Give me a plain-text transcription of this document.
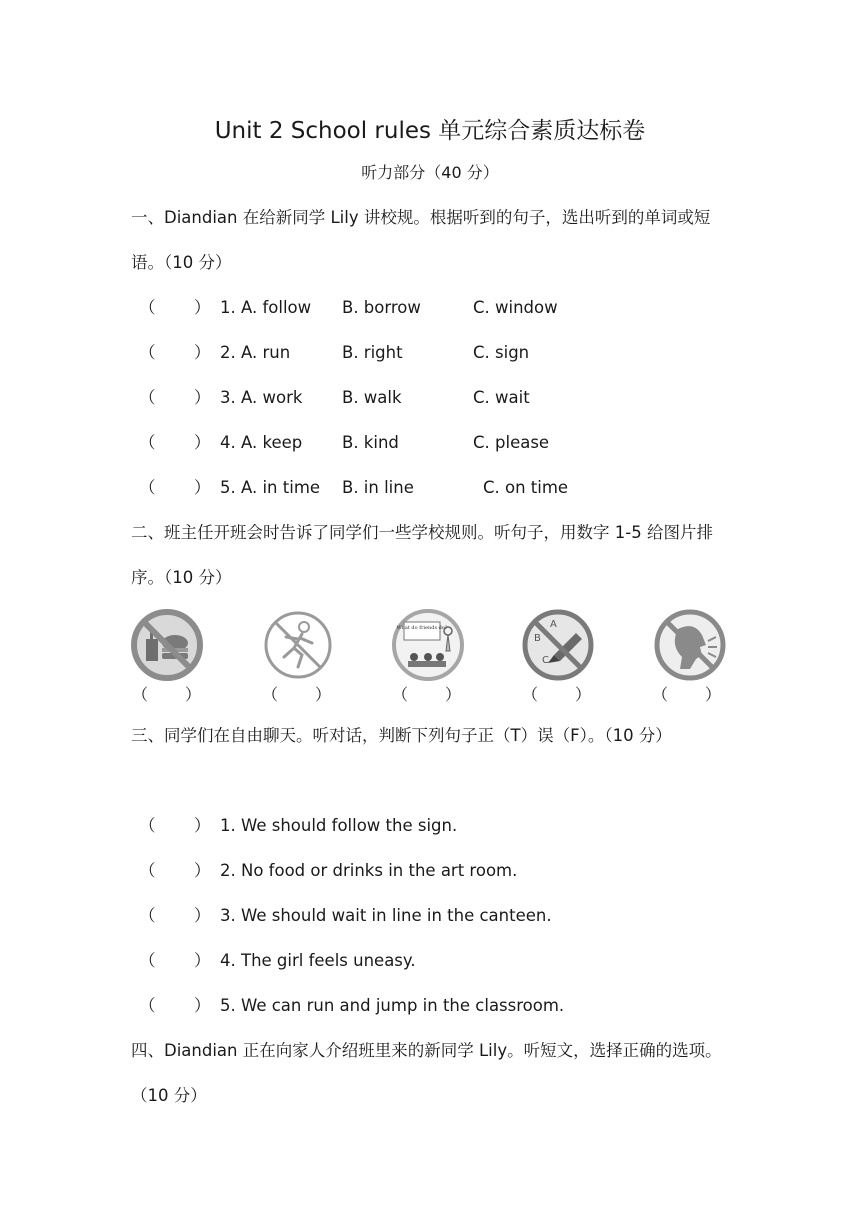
Unit 2 School rules 单元综合素质达标卷
听力部分（40 分）
一、Diandian 在给新同学 Lily 讲校规。根据听到的句子，选出听到的单词或短语。（10 分）
（ ） 1. A. follow B. borrow	C. window
（ ） 2. A. run	B. right	C. sign
（ ） 3. A. work B. walk	C. wait
（ ） 4. A. keep B. kind	C. please
（ ） 5. A. in time B. in line	C. on time
二、班主任开班会时告诉了同学们一些学校规则。听句子，用数字 1-5 给图片排序。（10 分）
What do friends do?	A
B
C
（ ）	（ ）	（ ）	（ ）	（ ）
三、同学们在自由聊天。听对话，判断下列句子正（T）误（F）。（10 分）
（ ） 1. We should follow the sign.
（ ） 2. No food or drinks in the art room.
（ ） 3. We should wait in line in the canteen.
（ ） 4. The girl feels uneasy.
（ ） 5. We can run and jump in the classroom.
四、Diandian 正在向家人介绍班里来的新同学 Lily。听短文，选择正确的选项。（10 分）
